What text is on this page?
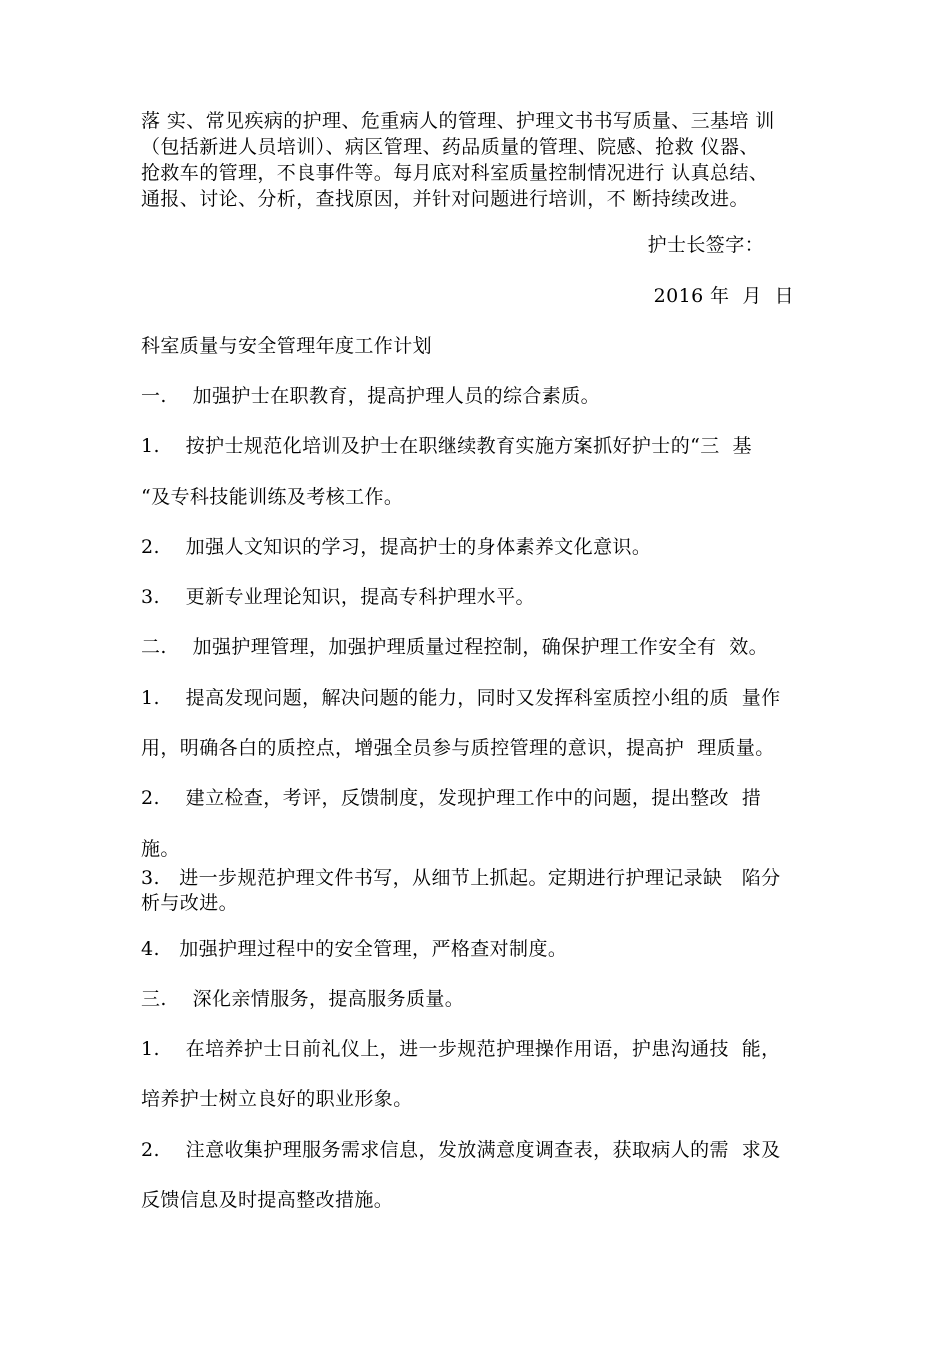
落 实、常见疾病的护理、危重病人的管理、护理文书书写质量、三基培 训
（包括新进人员培训）、病区管理、药品质量的管理、院感、抢救 仪器、
抢救车的管理，不良事件等。每月底对科室质量控制情况进行 认真总结、
通报、讨论、分析，查找原因，并针对问题进行培训，不 断持续改进。
护士长签字：
2016 年  月  日
科室质量与安全管理年度工作计划
一.    加强护士在职教育，提高护理人员的综合素质。
1.    按护士规范化培训及护士在职继续教育实施方案抓好护士的“三  基
“及专科技能训练及考核工作。
2.    加强人文知识的学习，提高护士的身体素养文化意识。
3.    更新专业理论知识，提高专科护理水平。
二.    加强护理管理，加强护理质量过程控制，确保护理工作安全有  效。
1.    提高发现问题，解决问题的能力，同时又发挥科室质控小组的质  量作
用，明确各白的质控点，增强全员参与质控管理的意识，提高护  理质量。
2.    建立检查，考评，反馈制度，发现护理工作中的问题，提出整改  措
施。
3.   进一步规范护理文件书写，从细节上抓起。定期进行护理记录缺   陷分
析与改进。
4.   加强护理过程中的安全管理，严格查对制度。
三.    深化亲情服务，提高服务质量。
1.    在培养护士日前礼仪上，进一步规范护理操作用语，护患沟通技  能，
培养护士树立良好的职业形象。
2.    注意收集护理服务需求信息，发放满意度调查表，获取病人的需  求及
反馈信息及时提高整改措施。
